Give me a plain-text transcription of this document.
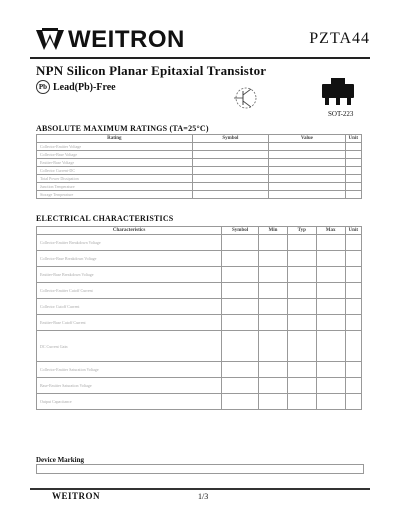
WEITRON	PZTA44
NPN Silicon Planar Epitaxial Transistor
Pb Lead(Pb)-Free
SOT-223
ABSOLUTE MAXIMUM RATINGS (TA=25°C)
Rating	Symbol	Value	Unit
Collector-Emitter Voltage			
Collector-Base Voltage			
Emitter-Base Voltage			
Collector Current-DC			
Total Power Dissipation			
Junction Temperature			
Storage Temperature			
ELECTRICAL CHARACTERISTICS
Characteristics	Symbol	Min	Typ	Max	Unit
Collector-Emitter Breakdown Voltage					
Collector-Base Breakdown Voltage					
Emitter-Base Breakdown Voltage					
Collector-Emitter Cutoff Current					
Collector Cutoff Current					
Emitter-Base Cutoff Current					
DC Current Gain					
Collector-Emitter Saturation Voltage					
Base-Emitter Saturation Voltage					
Output Capacitance					
Device Marking
WEITRON	1/3
